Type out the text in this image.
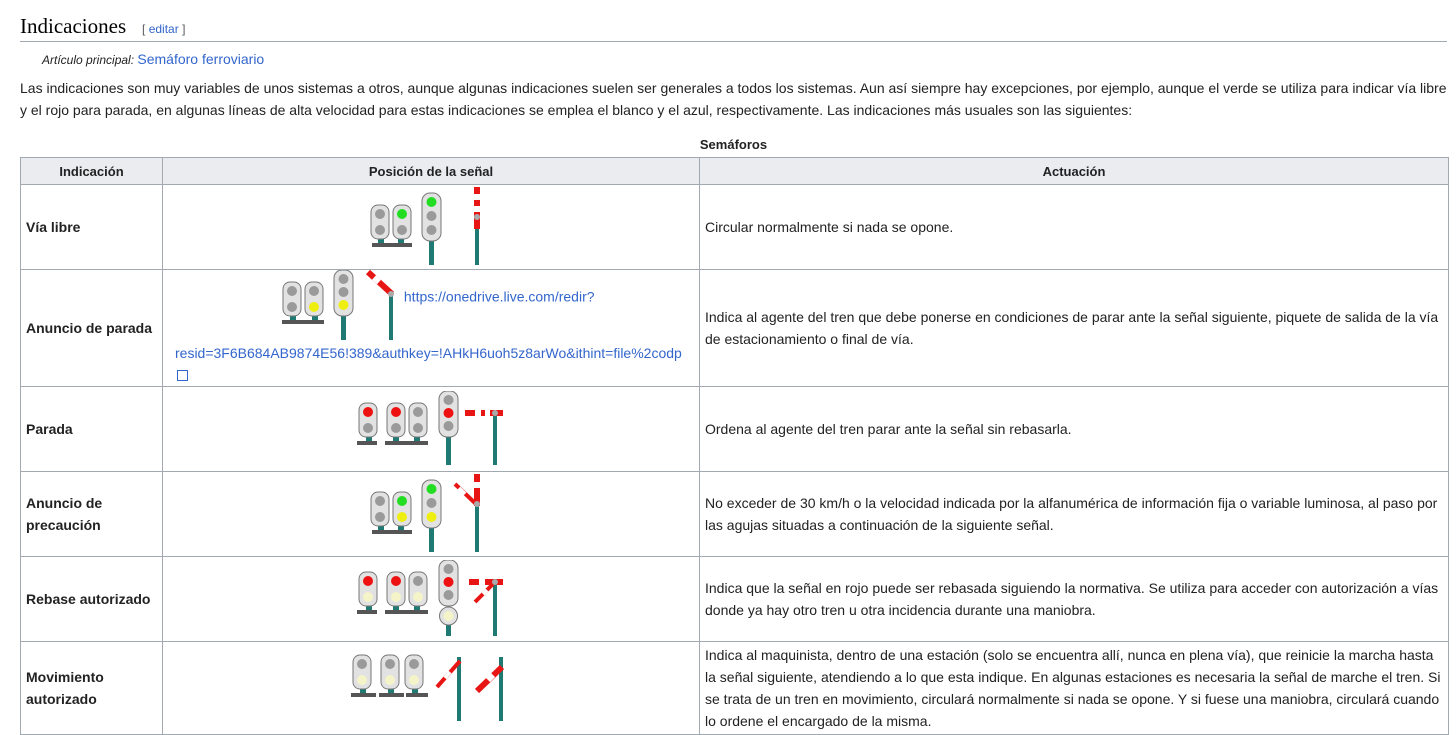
Indicaciones [ editar ]
Artículo principal: Semáforo ferroviario

Las indicaciones son muy variables de unos sistemas a otros, aunque algunas indicaciones suelen ser generales a todos los sistemas. Aun así siempre hay excepciones, por ejemplo, aunque el verde se utiliza para indicar vía libre y el rojo para parada, en algunas líneas de alta velocidad para estas indicaciones se emplea el blanco y el azul, respectivamente. Las indicaciones más usuales son las siguientes:

Semáforos
Indicación	Posición de la señal	Actuación
Vía libre		Circular normalmente si nada se opone.
Anuncio de parada	https://onedrive.live.com/redir?
resid=3F6B684AB9874E56!389&authkey=!AHkH6uoh5z8arWo&ithint=file%2codp	Indica al agente del tren que debe ponerse en condiciones de parar ante la señal siguiente, piquete de salida de la vía de estacionamiento o final de vía.
Parada		Ordena al agente del tren parar ante la señal sin rebasarla.
Anuncio de precaución		No exceder de 30 km/h o la velocidad indicada por la alfanumérica de información fija o variable luminosa, al paso por las agujas situadas a continuación de la siguiente señal.
Rebase autorizado		Indica que la señal en rojo puede ser rebasada siguiendo la normativa. Se utiliza para acceder con autorización a vías donde ya hay otro tren u otra incidencia durante una maniobra.
Movimiento autorizado		Indica al maquinista, dentro de una estación (solo se encuentra allí, nunca en plena vía), que reinicie la marcha hasta la señal siguiente, atendiendo a lo que esta indique. En algunas estaciones es necesaria la señal de marche el tren. Si se trata de un tren en movimiento, circulará normalmente si nada se opone. Y si fuese una maniobra, circulará cuando lo ordene el encargado de la misma.
